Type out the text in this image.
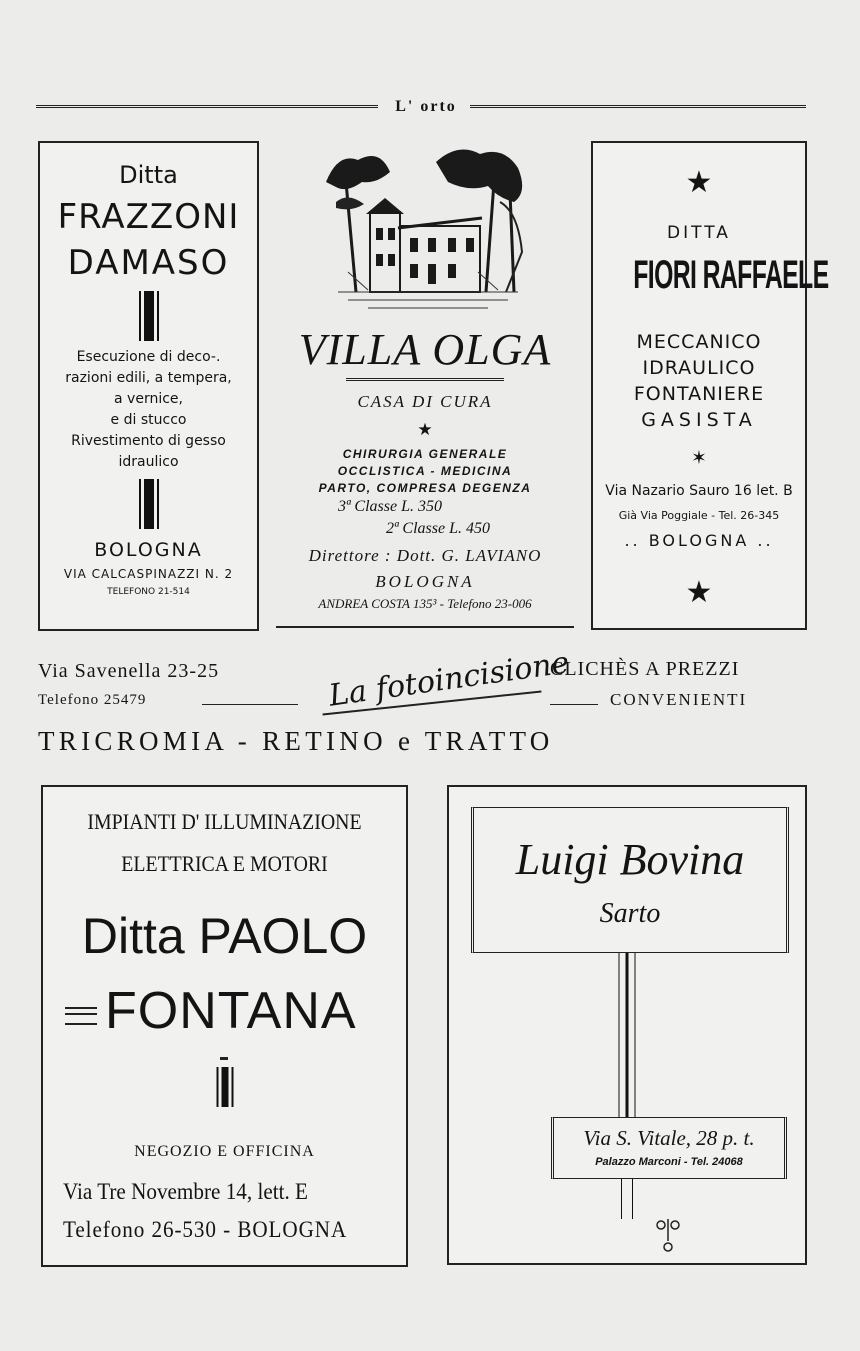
L' orto
Ditta
FRAZZONI
DAMASO
Esecuzione di deco-.
razioni edili, a tempera,
a vernice,
e di stucco
Rivestimento di gesso
idraulico
BOLOGNA
VIA CALCASPINAZZI N. 2
TELEFONO 21-514
VILLA OLGA
CASA DI CURA
★
CHIRURGIA GENERALE
OCCLISTICA - MEDICINA
PARTO, COMPRESA DEGENZA
3ª Classe L. 350
2ª Classe L. 450
Direttore : Dott. G. LAVIANO
BOLOGNA
ANDREA COSTA 135³ - Telefono 23-006
★
DITTA
FIORI RAFFAELE
MECCANICO
IDRAULICO
FONTANIERE
GASISTA
✶
Via Nazario Sauro 16 let. B
Già Via Poggiale - Tel. 26-345
.. BOLOGNA ..
★
Via Savenella 23-25
Telefono 25479	La fotoincisione
CLICHÈS A PREZZI
CONVENIENTI
TRICROMIA - RETINO e TRATTO
IMPIANTI D' ILLUMINAZIONE
ELETTRICA E MOTORI
Ditta PAOLO
FONTANA
NEGOZIO E OFFICINA
Via Tre Novembre 14, lett. E
Telefono 26-530 - BOLOGNA
Luigi Bovina
Sarto
Via S. Vitale, 28 p. t.
Palazzo Marconi - Tel. 24068
